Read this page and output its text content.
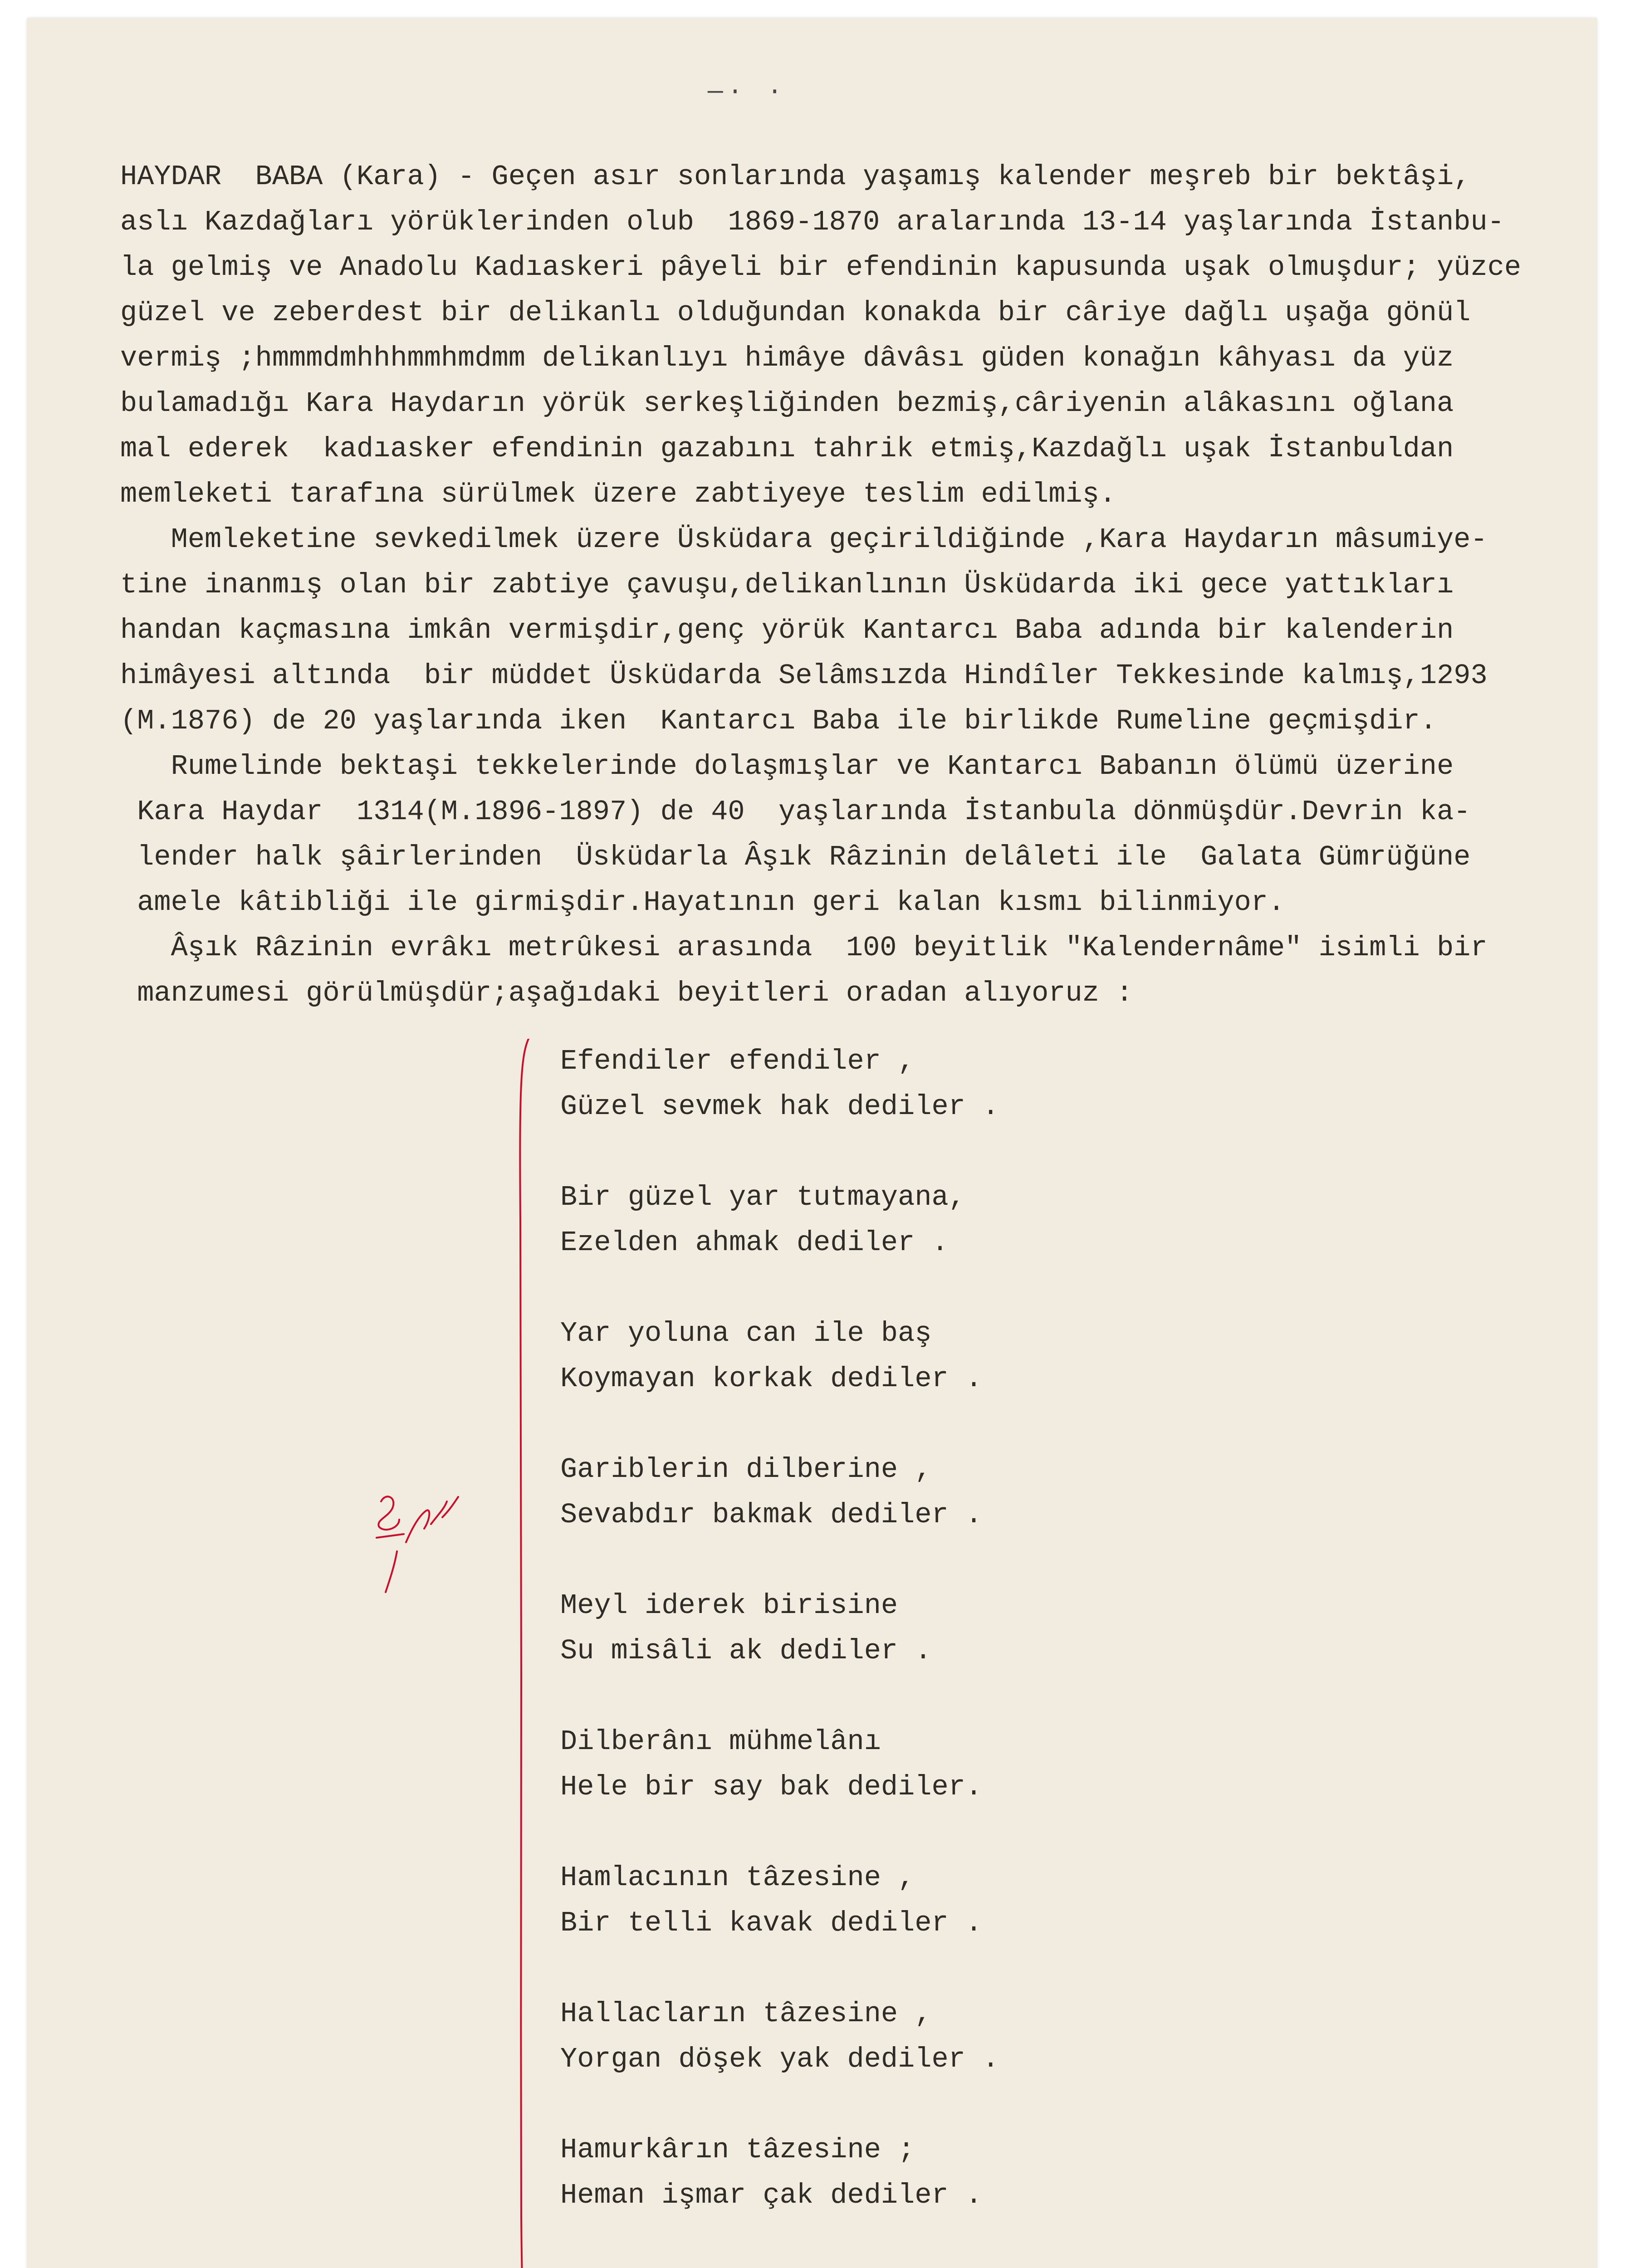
—· ·
HAYDAR  BABA (Kara) - Geçen asır sonlarında yaşamış kalender meşreb bir bektâşi,
aslı Kazdağları yörüklerinden olub  1869-1870 aralarında 13-14 yaşlarında İstanbu-
la gelmiş ve Anadolu Kadıaskeri pâyeli bir efendinin kapusunda uşak olmuşdur; yüzce
güzel ve zeberdest bir delikanlı olduğundan konakda bir câriye dağlı uşağa gönül
vermiş ;hmmmdmhhhmmhmdmm delikanlıyı himâye dâvâsı güden konağın kâhyası da yüz
bulamadığı Kara Haydarın yörük serkeşliğinden bezmiş,câriyenin alâkasını oğlana
mal ederek  kadıasker efendinin gazabını tahrik etmiş,Kazdağlı uşak İstanbuldan
memleketi tarafına sürülmek üzere zabtiyeye teslim edilmiş.
Memleketine sevkedilmek üzere Üsküdara geçirildiğinde ,Kara Haydarın mâsumiye-
tine inanmış olan bir zabtiye çavuşu,delikanlının Üsküdarda iki gece yattıkları
handan kaçmasına imkân vermişdir,genç yörük Kantarcı Baba adında bir kalenderin
himâyesi altında  bir müddet Üsküdarda Selâmsızda Hindîler Tekkesinde kalmış,1293
(M.1876) de 20 yaşlarında iken  Kantarcı Baba ile birlikde Rumeline geçmişdir.
Rumelinde bektaşi tekkelerinde dolaşmışlar ve Kantarcı Babanın ölümü üzerine
Kara Haydar  1314(M.1896-1897) de 40  yaşlarında İstanbula dönmüşdür.Devrin ka-
lender halk şâirlerinden  Üsküdarla Âşık Râzinin delâleti ile  Galata Gümrüğüne
amele kâtibliği ile girmişdir.Hayatının geri kalan kısmı bilinmiyor.
Âşık Râzinin evrâkı metrûkesi arasında  100 beyitlik "Kalendernâme" isimli bir
manzumesi görülmüşdür;aşağıdaki beyitleri oradan alıyoruz :
Efendiler efendiler ,
Güzel sevmek hak dediler .
Bir güzel yar tutmayana,
Ezelden ahmak dediler .
Yar yoluna can ile baş
Koymayan korkak dediler .
Gariblerin dilberine ,
Sevabdır bakmak dediler .
Meyl iderek birisine
Su misâli ak dediler .
Dilberânı mühmelânı
Hele bir say bak dediler.
Hamlacının tâzesine ,
Bir telli kavak dediler .
Hallacların tâzesine ,
Yorgan döşek yak dediler .
Hamurkârın tâzesine ;
Heman işmar çak dediler .
